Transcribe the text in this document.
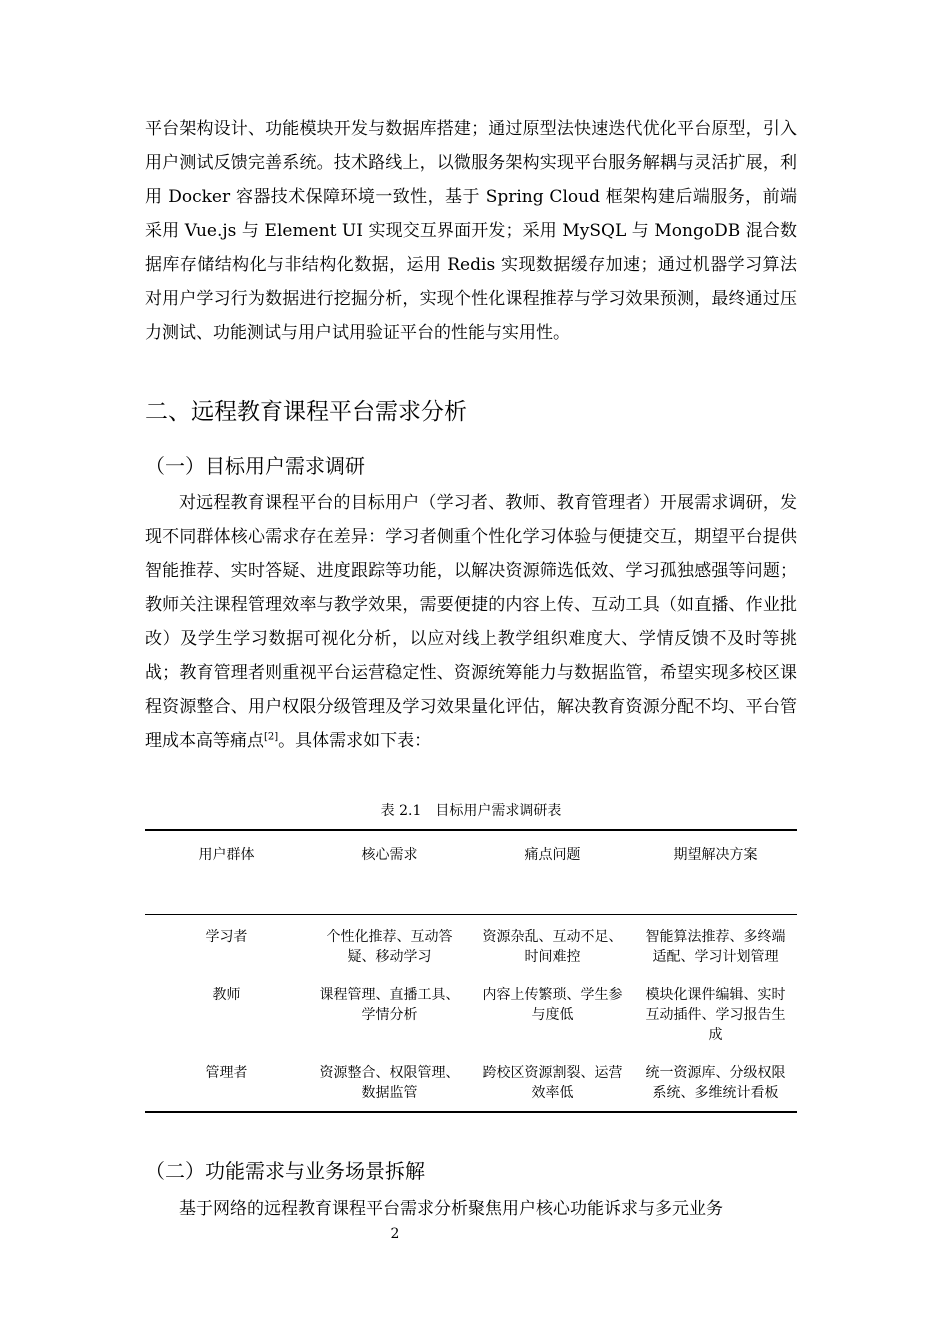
平台架构设计、功能模块开发与数据库搭建；通过原型法快速迭代优化平台原型，引入用户测试反馈完善系统。技术路线上，以微服务架构实现平台服务解耦与灵活扩展，利用 Docker 容器技术保障环境一致性，基于 Spring Cloud 框架构建后端服务，前端采用 Vue.js 与 Element UI 实现交互界面开发；采用 MySQL 与 MongoDB 混合数据库存储结构化与非结构化数据，运用 Redis 实现数据缓存加速；通过机器学习算法对用户学习行为数据进行挖掘分析，实现个性化课程推荐与学习效果预测，最终通过压力测试、功能测试与用户试用验证平台的性能与实用性。
二、远程教育课程平台需求分析
（一）目标用户需求调研
对远程教育课程平台的目标用户（学习者、教师、教育管理者）开展需求调研，发现不同群体核心需求存在差异：学习者侧重个性化学习体验与便捷交互，期望平台提供智能推荐、实时答疑、进度跟踪等功能，以解决资源筛选低效、学习孤独感强等问题；教师关注课程管理效率与教学效果，需要便捷的内容上传、互动工具（如直播、作业批改）及学生学习数据可视化分析，以应对线上教学组织难度大、学情反馈不及时等挑战；教育管理者则重视平台运营稳定性、资源统筹能力与数据监管，希望实现多校区课程资源整合、用户权限分级管理及学习效果量化评估，解决教育资源分配不均、平台管理成本高等痛点[2]。具体需求如下表：
表 2.1　目标用户需求调研表
用户群体	核心需求	痛点问题	期望解决方案
学习者	个性化推荐、互动答疑、移动学习	资源杂乱、互动不足、时间难控	智能算法推荐、多终端适配、学习计划管理
教师	课程管理、直播工具、学情分析	内容上传繁琐、学生参与度低	模块化课件编辑、实时互动插件、学习报告生成
管理者	资源整合、权限管理、数据监管	跨校区资源割裂、运营效率低	统一资源库、分级权限系统、多维统计看板
（二）功能需求与业务场景拆解
基于网络的远程教育课程平台需求分析聚焦用户核心功能诉求与多元业务
2
